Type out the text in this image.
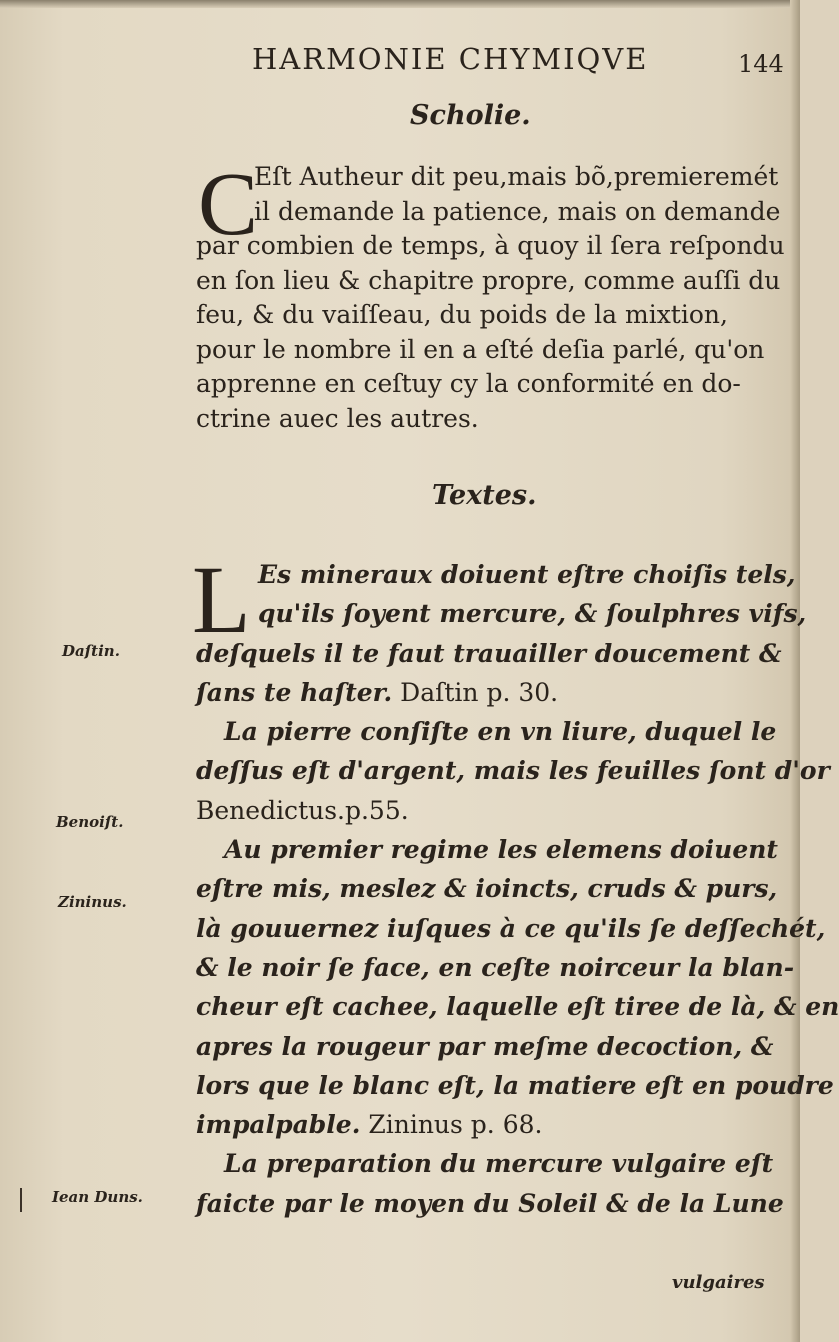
HARMONIE CHYMIQVE	144
Scholie.
C
Eſt Autheur dit peu,mais bõ,premieremét
il demande la patience, mais on demande
par combien de temps, à quoy il ſera reſpondu
en ſon lieu & chapitre propre, comme auſſi du
feu, & du vaiſſeau, du poids de la mixtion,
pour le nombre il en a eſté deſia parlé, qu'on
apprenne en ceſtuy cy la conformité en do-
ctrine auec les autres.
Textes.
L Es mineraux doiuent eſtre choiſis tels,
qu'ils ſoyent mercure, & ſoulphres vifs,
deſquels il te faut trauailler doucement &
ſans te haſter. Daſtin p. 30.
La pierre conſiſte en vn liure, duquel le
deſſus eſt d'argent, mais les feuilles ſont d'or
Benedictus.p.55.
Au premier regime les elemens doiuent
eſtre mis, meslez & ioincts, cruds & purs,
là gouuernez iuſques à ce qu'ils ſe deſſechét,
& le noir ſe face, en ceſte noirceur la blan-
cheur eſt cachee, laquelle eſt tiree de là, & en
apres la rougeur par meſme decoction, &
lors que le blanc eſt, la matiere eſt en poudre
impalpable. Zininus p. 68.
La preparation du mercure vulgaire eſt
faicte par le moyen du Soleil & de la Lune
vulgaires
Daſtin.
Benoiſt.
Zininus.
Iean Duns.
